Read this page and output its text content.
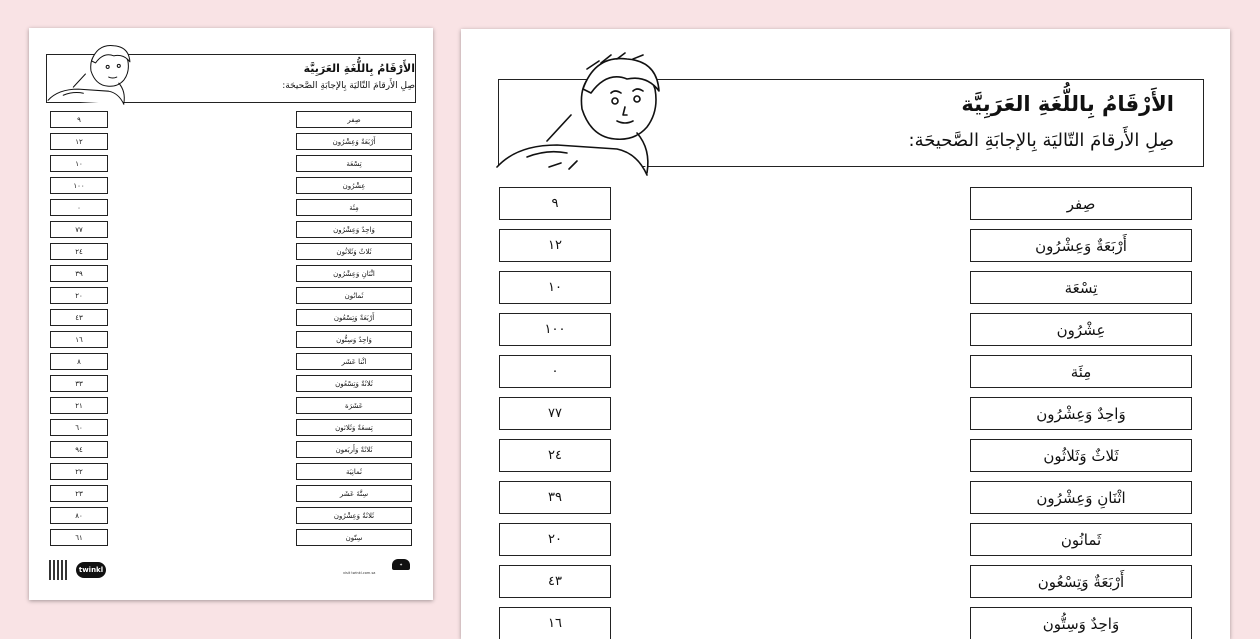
الأَرْقَامُ بِاللُّغَةِ العَرَبِيَّة
صِلِ الأَرقامَ التّاليَة بِالإجابَةِ الصَّحيحَة:
٩	صِفر
١٢	أَرْبَعَةٌ وَعِشْرُون
١٠	تِسْعَة
١٠٠	عِشْرُون
٠	مِئَة
٧٧	وَاحِدٌ وَعِشْرُون
٢٤	ثَلاثٌ وَثَلاثُون
٣٩	اثْنَانِ وَعِشْرُون
٢٠	ثَمانُون
٤٣	أَرْبَعَةٌ وَتِسْعُون
١٦	وَاحِدٌ وَسِتُّون
٨	اثْنا عَشَر
٣٣	ثَلاثَةٌ وَتِسْعُون
٢١	عَشَرَة
٦٠	تِسعَةٌ وَثَلاثون
٩٤	ثَلاثَةٌ وَأَربَعون
٢٢	ثَمانِيَة
٢٣	سِتَّةَ عَشَر
٨٠	ثَلاثَةٌ وَعِشْرُون
٦١	سِتّون
twinkl
✦
visit twinkl.com.sa
الأَرْقَامُ بِاللُّغَةِ العَرَبِيَّة
صِلِ الأَرقامَ التّاليَة بِالإجابَةِ الصَّحيحَة:
٩	صِفر
١٢	أَرْبَعَةٌ وَعِشْرُون
١٠	تِسْعَة
١٠٠	عِشْرُون
٠	مِئَة
٧٧	وَاحِدٌ وَعِشْرُون
٢٤	ثَلاثٌ وَثَلاثُون
٣٩	اثْنَانِ وَعِشْرُون
٢٠	ثَمانُون
٤٣	أَرْبَعَةٌ وَتِسْعُون
١٦	وَاحِدٌ وَسِتُّون
